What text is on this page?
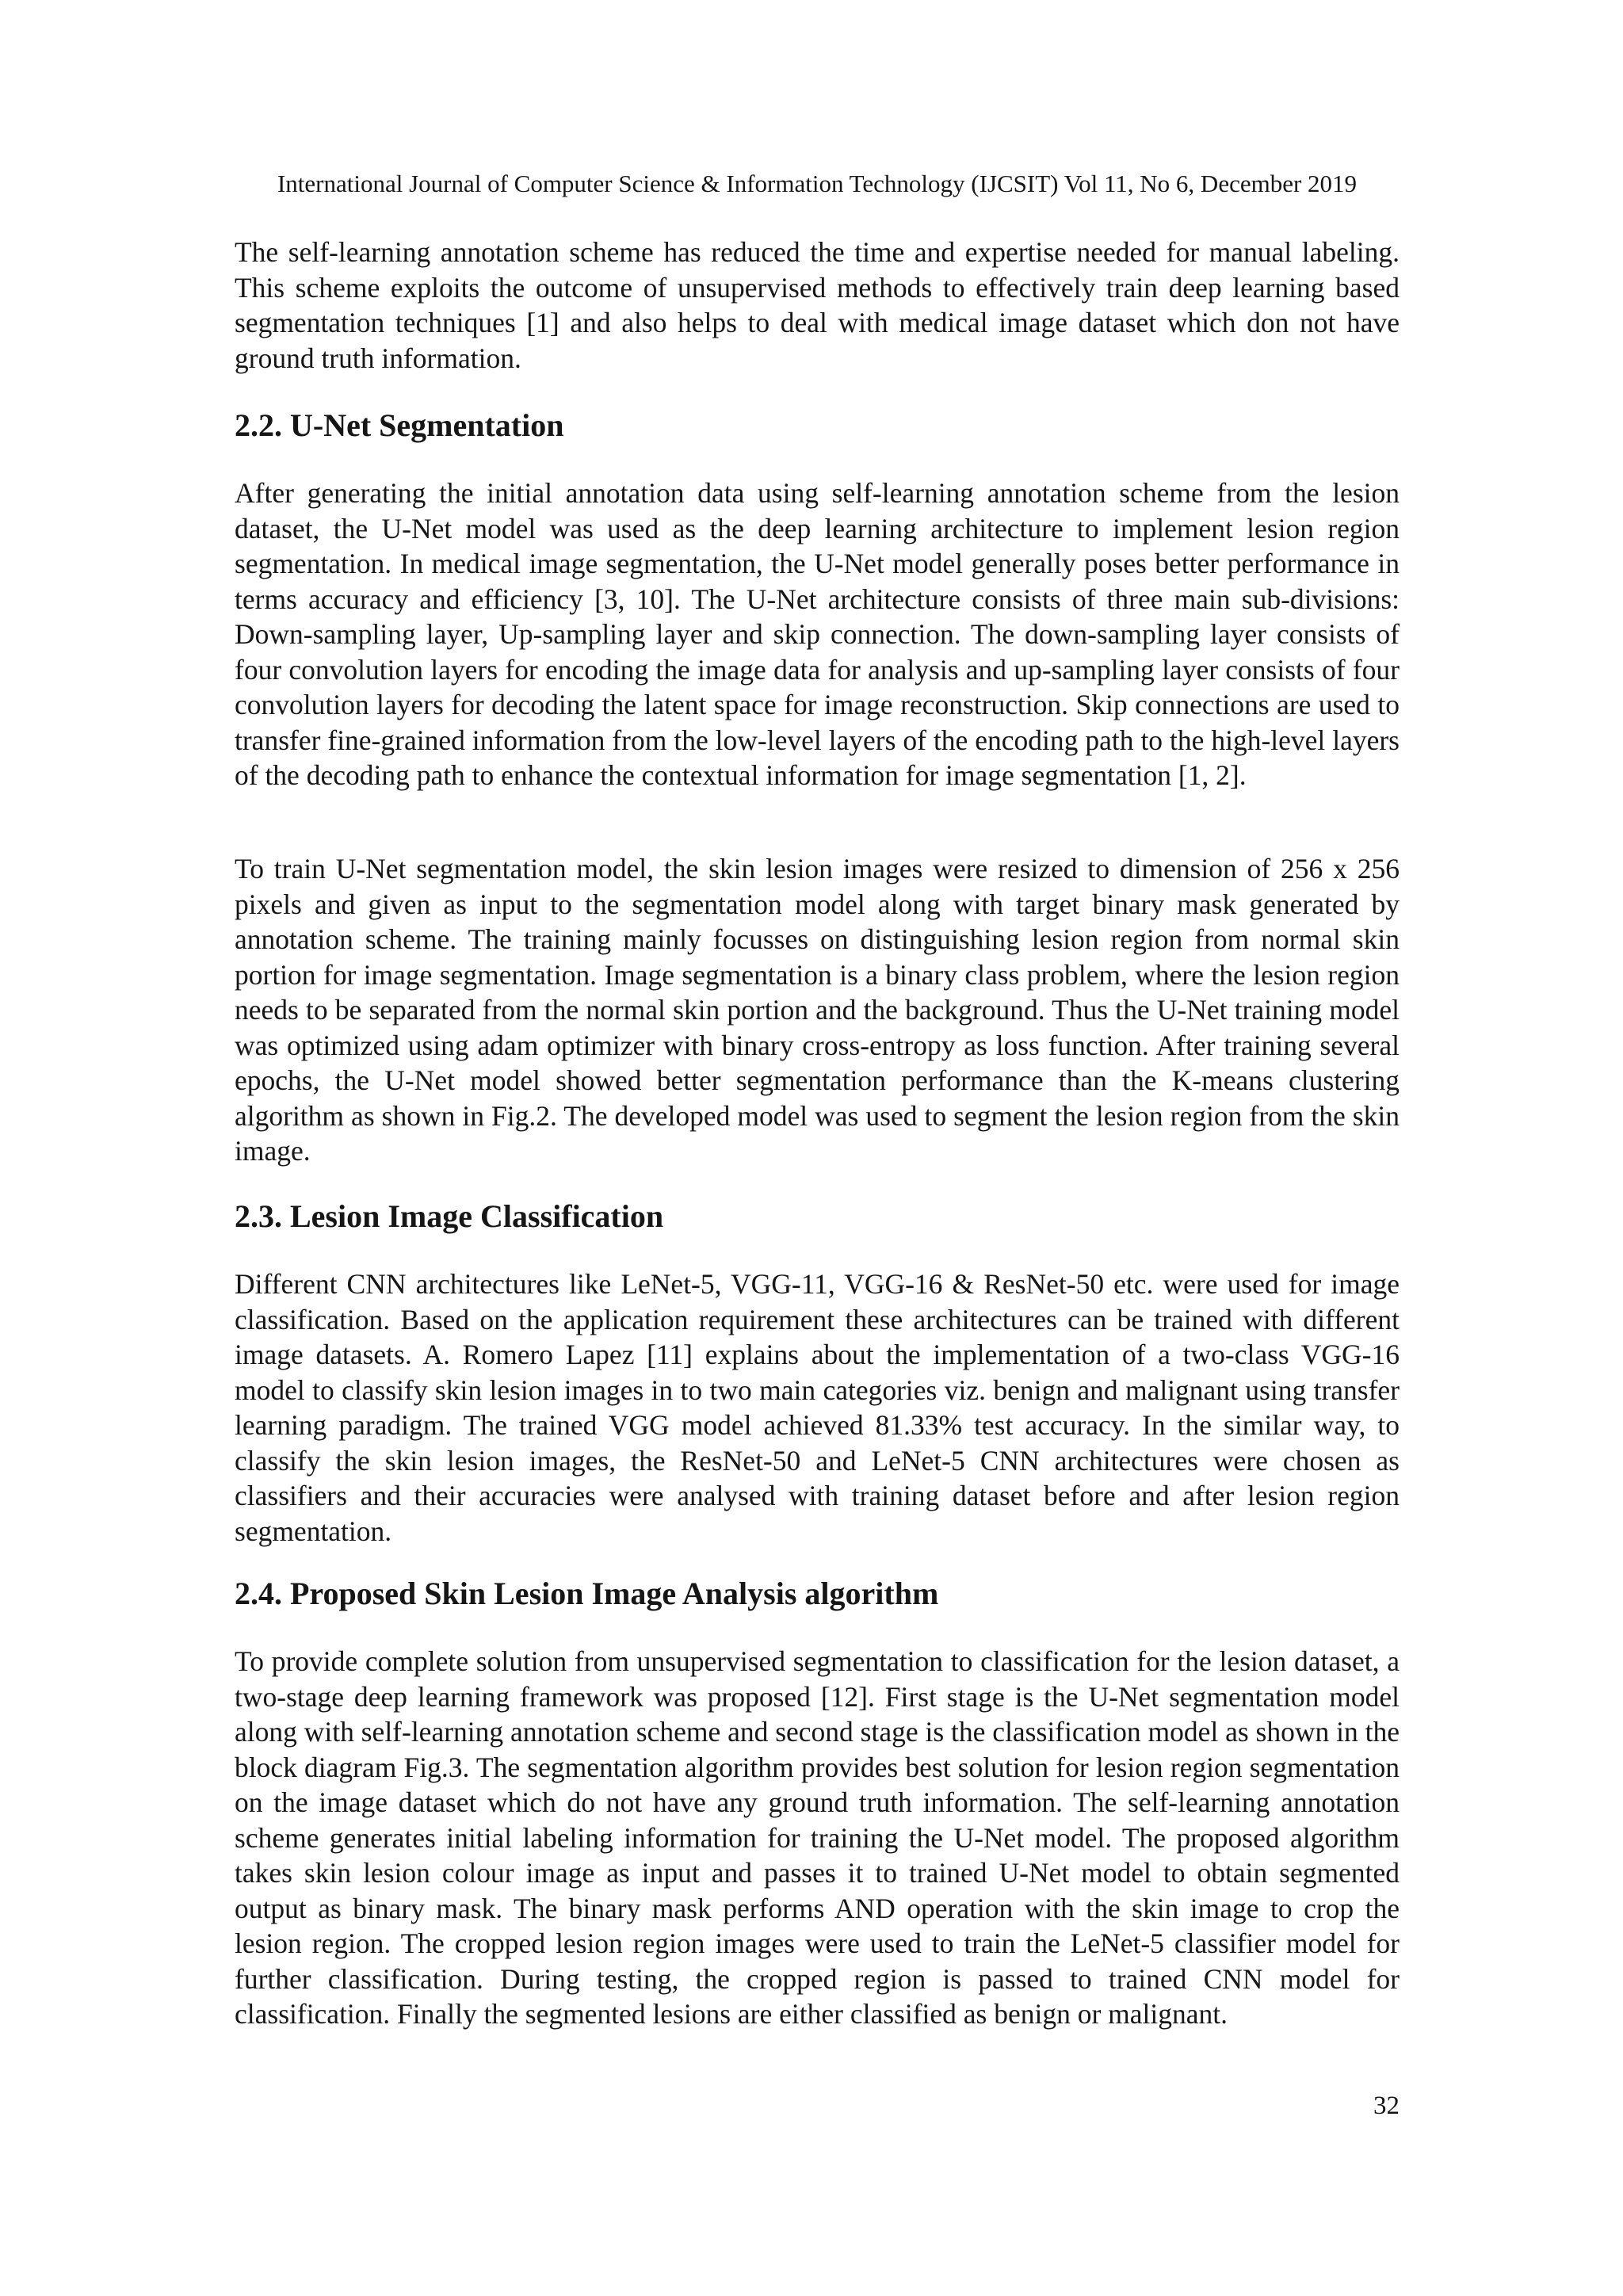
International Journal of Computer Science & Information Technology (IJCSIT) Vol 11, No 6, December 2019

The self-learning annotation scheme has reduced the time and expertise needed for manual labeling. This scheme exploits the outcome of unsupervised methods to effectively train deep learning based segmentation techniques [1] and also helps to deal with medical image dataset which don not have ground truth information.

2.2. U-Net Segmentation

After generating the initial annotation data using self-learning annotation scheme from the lesion dataset, the U-Net model was used as the deep learning architecture to implement lesion region segmentation. In medical image segmentation, the U-Net model generally poses better performance in terms accuracy and efficiency [3, 10]. The U-Net architecture consists of three main sub-divisions: Down-sampling layer, Up-sampling layer and skip connection. The down-sampling layer consists of four convolution layers for encoding the image data for analysis and up-sampling layer consists of four convolution layers for decoding the latent space for image reconstruction. Skip connections are used to transfer fine-grained information from the low-level layers of the encoding path to the high-level layers of the decoding path to enhance the contextual information for image segmentation [1, 2].

To train U-Net segmentation model, the skin lesion images were resized to dimension of 256 x 256 pixels and given as input to the segmentation model along with target binary mask generated by annotation scheme. The training mainly focusses on distinguishing lesion region from normal skin portion for image segmentation. Image segmentation is a binary class problem, where the lesion region needs to be separated from the normal skin portion and the background. Thus the U-Net training model was optimized using adam optimizer with binary cross-entropy as loss function. After training several epochs, the U-Net model showed better segmentation performance than the K-means clustering algorithm as shown in Fig.2. The developed model was used to segment the lesion region from the skin image.

2.3. Lesion Image Classification

Different CNN architectures like LeNet-5, VGG-11, VGG-16 & ResNet-50 etc. were used for image classification. Based on the application requirement these architectures can be trained with different image datasets. A. Romero Lapez [11] explains about the implementation of a two-class VGG-16 model to classify skin lesion images in to two main categories viz. benign and malignant using transfer learning paradigm. The trained VGG model achieved 81.33% test accuracy. In the similar way, to classify the skin lesion images, the ResNet-50 and LeNet-5 CNN architectures were chosen as classifiers and their accuracies were analysed with training dataset before and after lesion region segmentation.

2.4. Proposed Skin Lesion Image Analysis algorithm

To provide complete solution from unsupervised segmentation to classification for the lesion dataset, a two-stage deep learning framework was proposed [12]. First stage is the U-Net segmentation model along with self-learning annotation scheme and second stage is the classification model as shown in the block diagram Fig.3. The segmentation algorithm provides best solution for lesion region segmentation on the image dataset which do not have any ground truth information. The self-learning annotation scheme generates initial labeling information for training the U-Net model. The proposed algorithm takes skin lesion colour image as input and passes it to trained U-Net model to obtain segmented output as binary mask. The binary mask performs AND operation with the skin image to crop the lesion region. The cropped lesion region images were used to train the LeNet-5 classifier model for further classification. During testing, the cropped region is passed to trained CNN model for classification. Finally the segmented lesions are either classified as benign or malignant.

32
